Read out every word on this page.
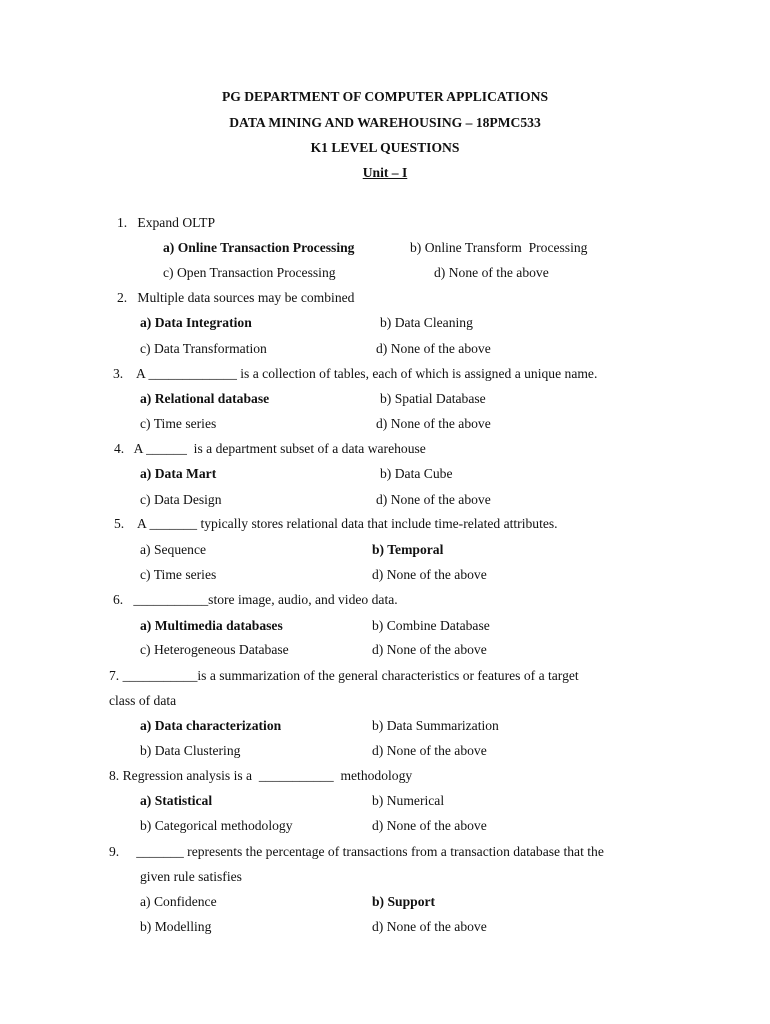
PG DEPARTMENT OF COMPUTER APPLICATIONS
DATA MINING AND WAREHOUSING – 18PMC533
K1 LEVEL QUESTIONS
Unit – I
1.   Expand OLTP
a) Online Transaction Processing	b) Online Transform  Processing
c) Open Transaction Processing	d) None of the above
2.   Multiple data sources may be combined
a) Data Integration	b) Data Cleaning
c) Data Transformation	d) None of the above
3.    A _____________ is a collection of tables, each of which is assigned a unique name.
a) Relational database	b) Spatial Database
c) Time series	d) None of the above
4.   A ______  is a department subset of a data warehouse
a) Data Mart	b) Data Cube
c) Data Design	d) None of the above
5.    A _______ typically stores relational data that include time-related attributes.
a) Sequence	b) Temporal
c) Time series	d) None of the above
6.   ___________store image, audio, and video data.
a) Multimedia databases	b) Combine Database
c) Heterogeneous Database	d) None of the above
7. ___________is a summarization of the general characteristics or features of a target
class of data
a) Data characterization	b) Data Summarization
b) Data Clustering	d) None of the above
8. Regression analysis is a  ___________  methodology
a) Statistical	b) Numerical
b) Categorical methodology	d) None of the above
9.     _______ represents the percentage of transactions from a transaction database that the
given rule satisfies
a) Confidence	b) Support
b) Modelling	d) None of the above
